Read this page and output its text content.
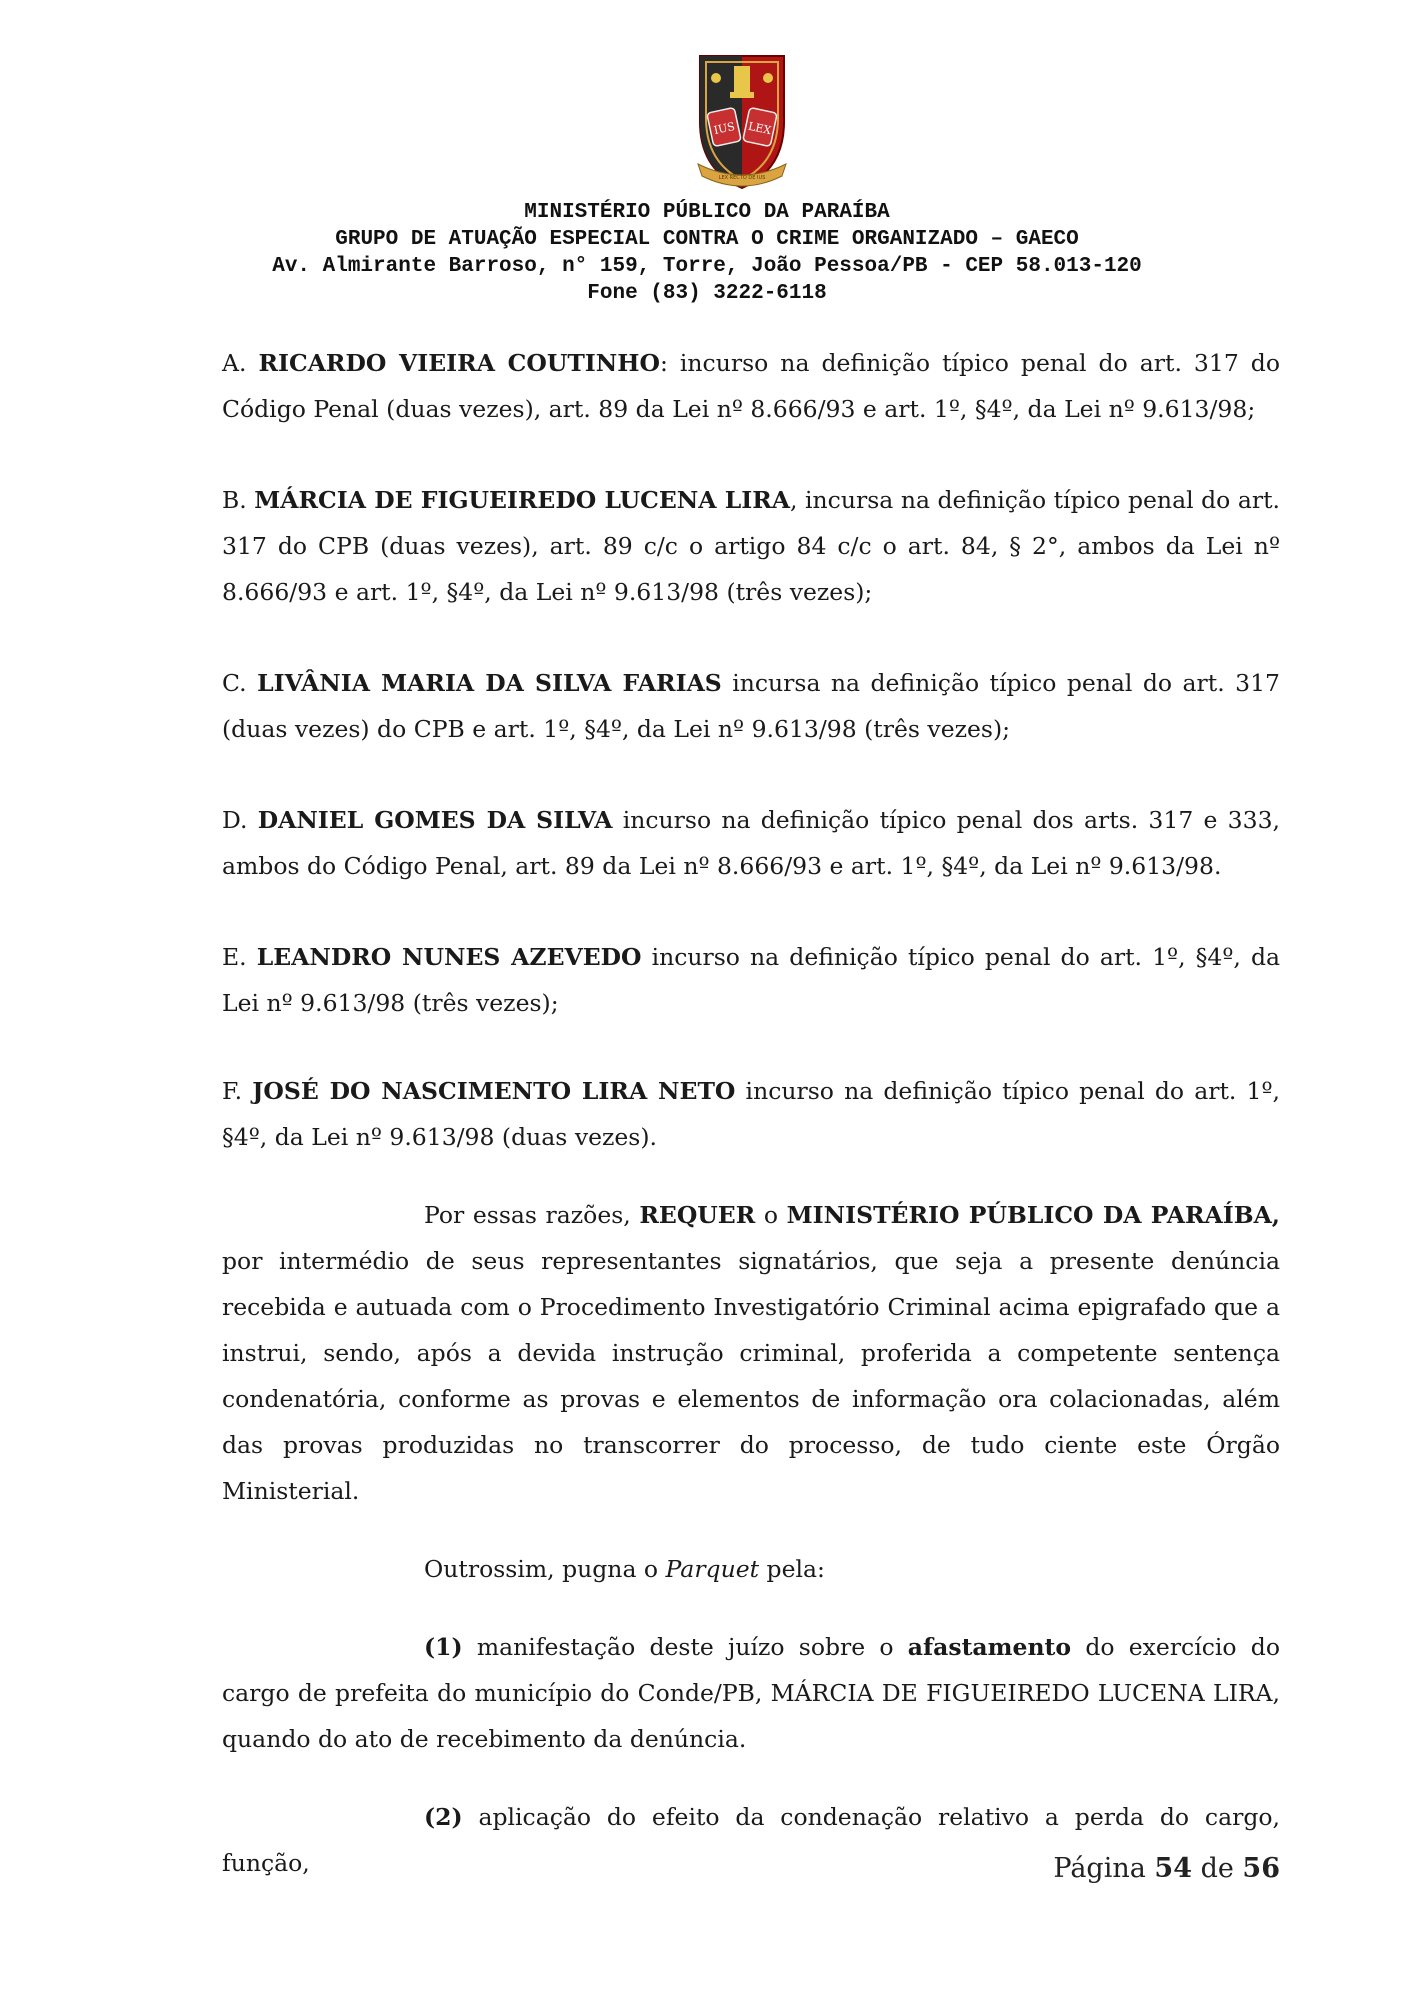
IUS LEX
LEX RECTO DE IUS
MINISTÉRIO PÚBLICO DA PARAÍBA
GRUPO DE ATUAÇÃO ESPECIAL CONTRA O CRIME ORGANIZADO – GAECO
Av. Almirante Barroso, n° 159, Torre, João Pessoa/PB - CEP 58.013-120
Fone (83) 3222-6118

A. RICARDO VIEIRA COUTINHO: incurso na definição típico penal do art. 317 do Código Penal (duas vezes), art. 89 da Lei nº 8.666/93 e art. 1º, §4º, da Lei nº 9.613/98;

B. MÁRCIA DE FIGUEIREDO LUCENA LIRA, incursa na definição típico penal do art. 317 do CPB (duas vezes), art. 89 c/c o artigo 84 c/c o art. 84, § 2°, ambos da Lei nº 8.666/93 e art. 1º, §4º, da Lei nº 9.613/98 (três vezes);

C. LIVÂNIA MARIA DA SILVA FARIAS incursa na definição típico penal do art. 317 (duas vezes) do CPB e art. 1º, §4º, da Lei nº 9.613/98 (três vezes);

D. DANIEL GOMES DA SILVA incurso na definição típico penal dos arts. 317 e 333, ambos do Código Penal, art. 89 da Lei nº 8.666/93 e art. 1º, §4º, da Lei nº 9.613/98.

E. LEANDRO NUNES AZEVEDO incurso na definição típico penal do art. 1º, §4º, da Lei nº 9.613/98 (três vezes);

F. JOSÉ DO NASCIMENTO LIRA NETO incurso na definição típico penal do art. 1º, §4º, da Lei nº 9.613/98 (duas vezes).

Por essas razões, REQUER o MINISTÉRIO PÚBLICO DA PARAÍBA, por intermédio de seus representantes signatários, que seja a presente denúncia recebida e autuada com o Procedimento Investigatório Criminal acima epigrafado que a instrui, sendo, após a devida instrução criminal, proferida a competente sentença condenatória, conforme as provas e elementos de informação ora colacionadas, além das provas produzidas no transcorrer do processo, de tudo ciente este Órgão Ministerial.

Outrossim, pugna o Parquet pela:

(1) manifestação deste juízo sobre o afastamento do exercício do cargo de prefeita do município do Conde/PB, MÁRCIA DE FIGUEIREDO LUCENA LIRA, quando do ato de recebimento da denúncia.

(2) aplicação do efeito da condenação relativo a perda do cargo, função,	Página 54 de 56
